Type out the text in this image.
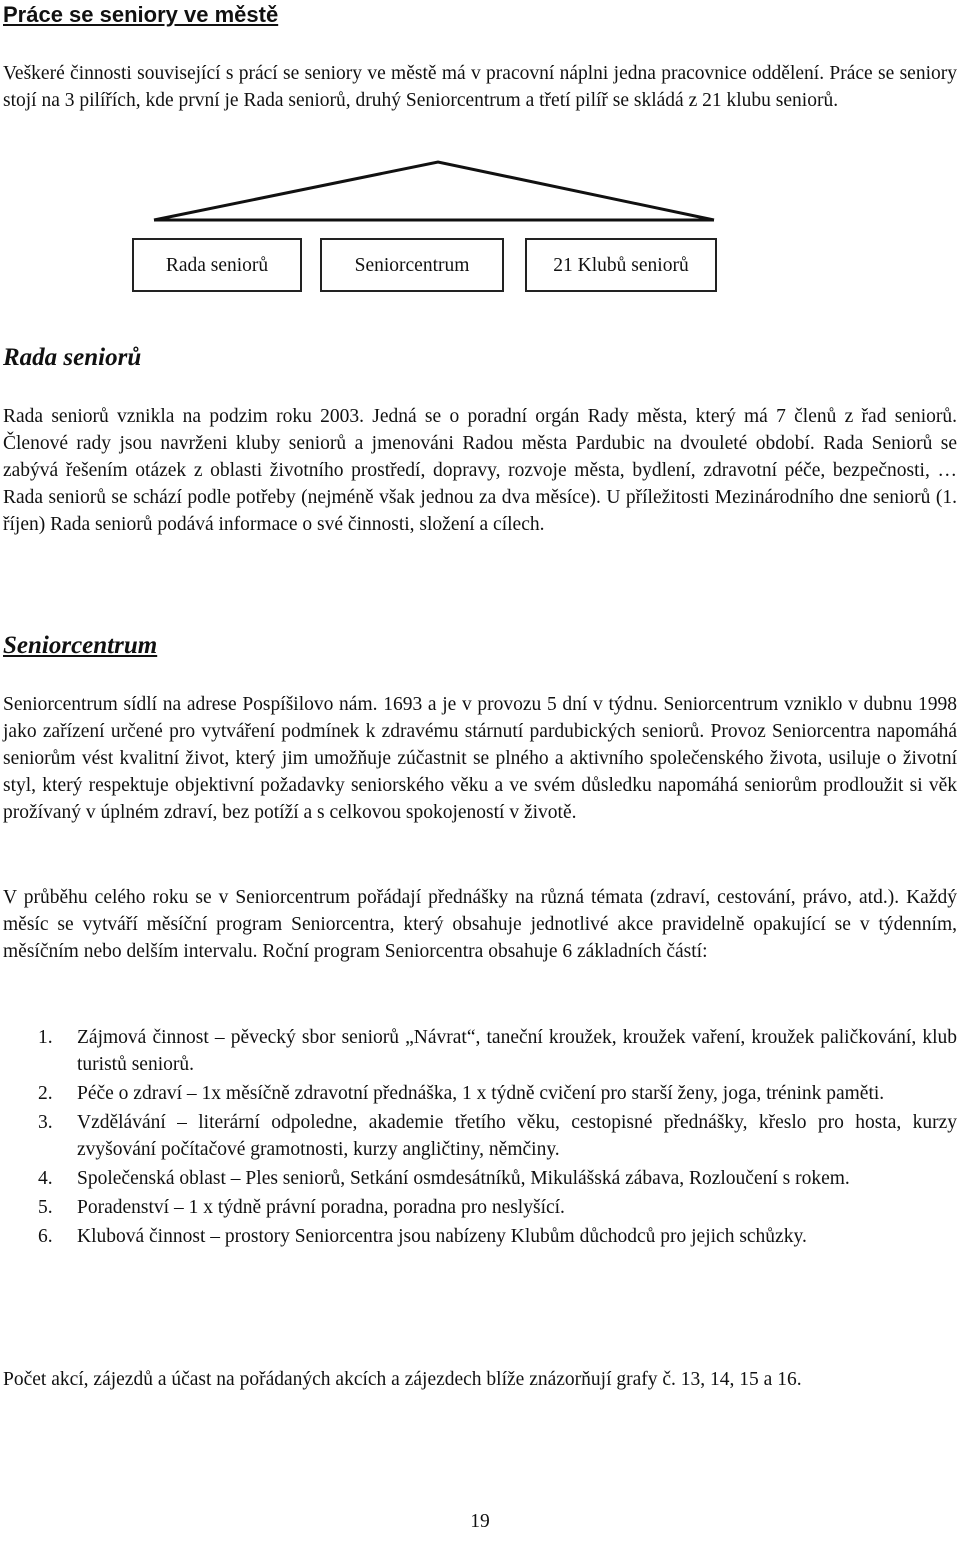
Práce se seniory ve městě

Veškeré činnosti související s prácí se seniory ve městě má v pracovní náplni jedna pracovnice oddělení. Práce se seniory stojí na 3 pilířích, kde první je Rada seniorů, druhý Seniorcentrum a třetí pilíř se skládá z 21 klubu seniorů.

Rada seniorů	Seniorcentrum	21 Klubů seniorů
Rada seniorů

Rada seniorů vznikla na podzim roku 2003. Jedná se o poradní orgán Rady města, který má 7 členů z řad seniorů. Členové rady jsou navrženi kluby seniorů a jmenováni Radou města Pardubic na dvouleté období. Rada Seniorů se zabývá řešením otázek z oblasti životního prostředí, dopravy, rozvoje města, bydlení, zdravotní péče, bezpečnosti, … Rada seniorů se schází podle potřeby (nejméně však jednou za dva měsíce). U příležitosti Mezinárodního dne seniorů (1. říjen) Rada seniorů podává informace o své činnosti, složení a cílech.

Seniorcentrum

Seniorcentrum sídlí na adrese Pospíšilovo nám. 1693 a je v provozu 5 dní v týdnu. Seniorcentrum vzniklo v dubnu 1998 jako zařízení určené pro vytváření podmínek k zdravému stárnutí pardubických seniorů. Provoz Seniorcentra napomáhá seniorům vést kvalitní život, který jim umožňuje zúčastnit se plného a aktivního společenského života, usiluje o životní styl, který respektuje objektivní požadavky seniorského věku a ve svém důsledku napomáhá seniorům prodloužit si věk prožívaný v úplném zdraví, bez potíží a s celkovou spokojeností v životě.

V průběhu celého roku se v Seniorcentrum pořádají přednášky na různá témata (zdraví, cestování, právo, atd.). Každý měsíc se vytváří měsíční program Seniorcentra, který obsahuje jednotlivé akce pravidelně opakující se v týdenním, měsíčním nebo delším intervalu. Roční program Seniorcentra obsahuje 6 základních částí:

1. Zájmová činnost – pěvecký sbor seniorů „Návrat“, taneční kroužek, kroužek vaření, kroužek paličkování, klub turistů seniorů.
2. Péče o zdraví – 1x měsíčně zdravotní přednáška, 1 x týdně cvičení pro starší ženy, joga, trénink paměti.
3. Vzdělávání – literární odpoledne, akademie třetího věku, cestopisné přednášky, křeslo pro hosta, kurzy zvyšování počítačové gramotnosti, kurzy angličtiny, němčiny.
4. Společenská oblast – Ples seniorů, Setkání osmdesátníků, Mikulášská zábava, Rozloučení s rokem.
5. Poradenství – 1 x týdně právní poradna, poradna pro neslyšící.
6. Klubová činnost – prostory Seniorcentra jsou nabízeny Klubům důchodců pro jejich schůzky.

Počet akcí, zájezdů a účast na pořádaných akcích a zájezdech blíže znázorňují grafy č. 13, 14, 15 a 16.

19
